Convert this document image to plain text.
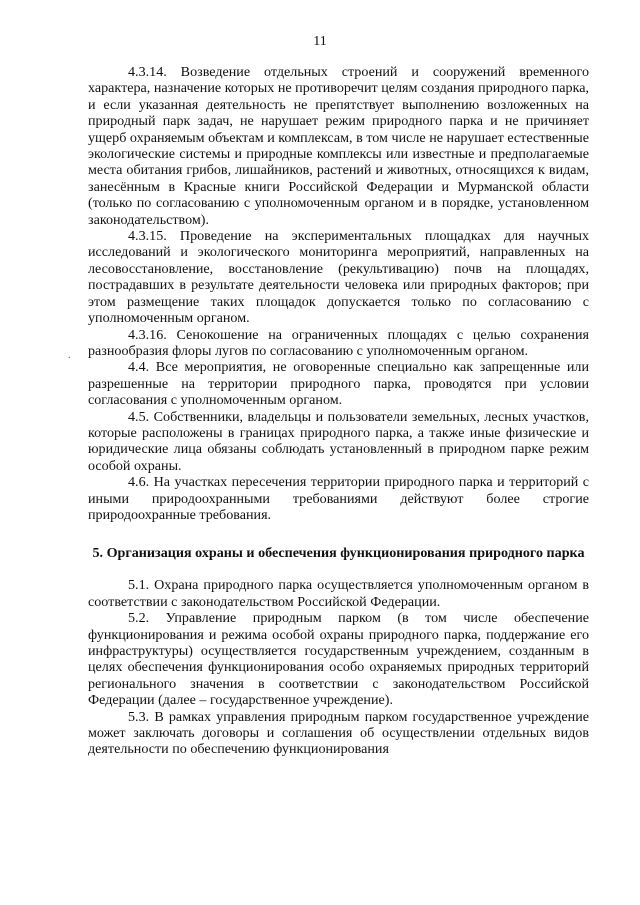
11
.

4.3.14. Возведение отдельных строений и сооружений временного характера, назначение которых не противоречит целям создания природного парка, и если указанная деятельность не препятствует выполнению возложенных на природный парк задач, не нарушает режим природного парка и не причиняет ущерб охраняемым объектам и комплексам, в том числе не нарушает естественные экологические системы и природные комплексы или известные и предполагаемые места обитания грибов, лишайников, растений и животных, относящихся к видам, занесённым в Красные книги Российской Федерации и Мурманской области (только по согласованию с уполномоченным органом и в порядке, установленном законодательством).

4.3.15. Проведение на экспериментальных площадках для научных исследований и экологического мониторинга мероприятий, направленных на лесовосстановление, восстановление (рекультивацию) почв на площадях, пострадавших в результате деятельности человека или природных факторов; при этом размещение таких площадок допускается только по согласованию с уполномоченным органом.

4.3.16. Сенокошение на ограниченных площадях с целью сохранения разнообразия флоры лугов по согласованию с уполномоченным органом.

4.4. Все мероприятия, не оговоренные специально как запрещенные или разрешенные на территории природного парка, проводятся при условии согласования с уполномоченным органом.

4.5. Собственники, владельцы и пользователи земельных, лесных участков, которые расположены в границах природного парка, а также иные физические и юридические лица обязаны соблюдать установленный в природном парке режим особой охраны.

4.6. На участках пересечения территории природного парка и территорий с иными природоохранными требованиями действуют более строгие природоохранные требования.

5. Организация охраны и обеспечения функционирования природного парка

5.1. Охрана природного парка осуществляется уполномоченным органом в соответствии с законодательством Российской Федерации.

5.2. Управление природным парком (в том числе обеспечение функционирования и режима особой охраны природного парка, поддержание его инфраструктуры) осуществляется государственным учреждением, созданным в целях обеспечения функционирования особо охраняемых природных территорий регионального значения в соответствии с законодательством Российской Федерации (далее – государственное учреждение).

5.3. В рамках управления природным парком государственное учреждение может заключать договоры и соглашения об осуществлении отдельных видов деятельности по обеспечению функционирования
